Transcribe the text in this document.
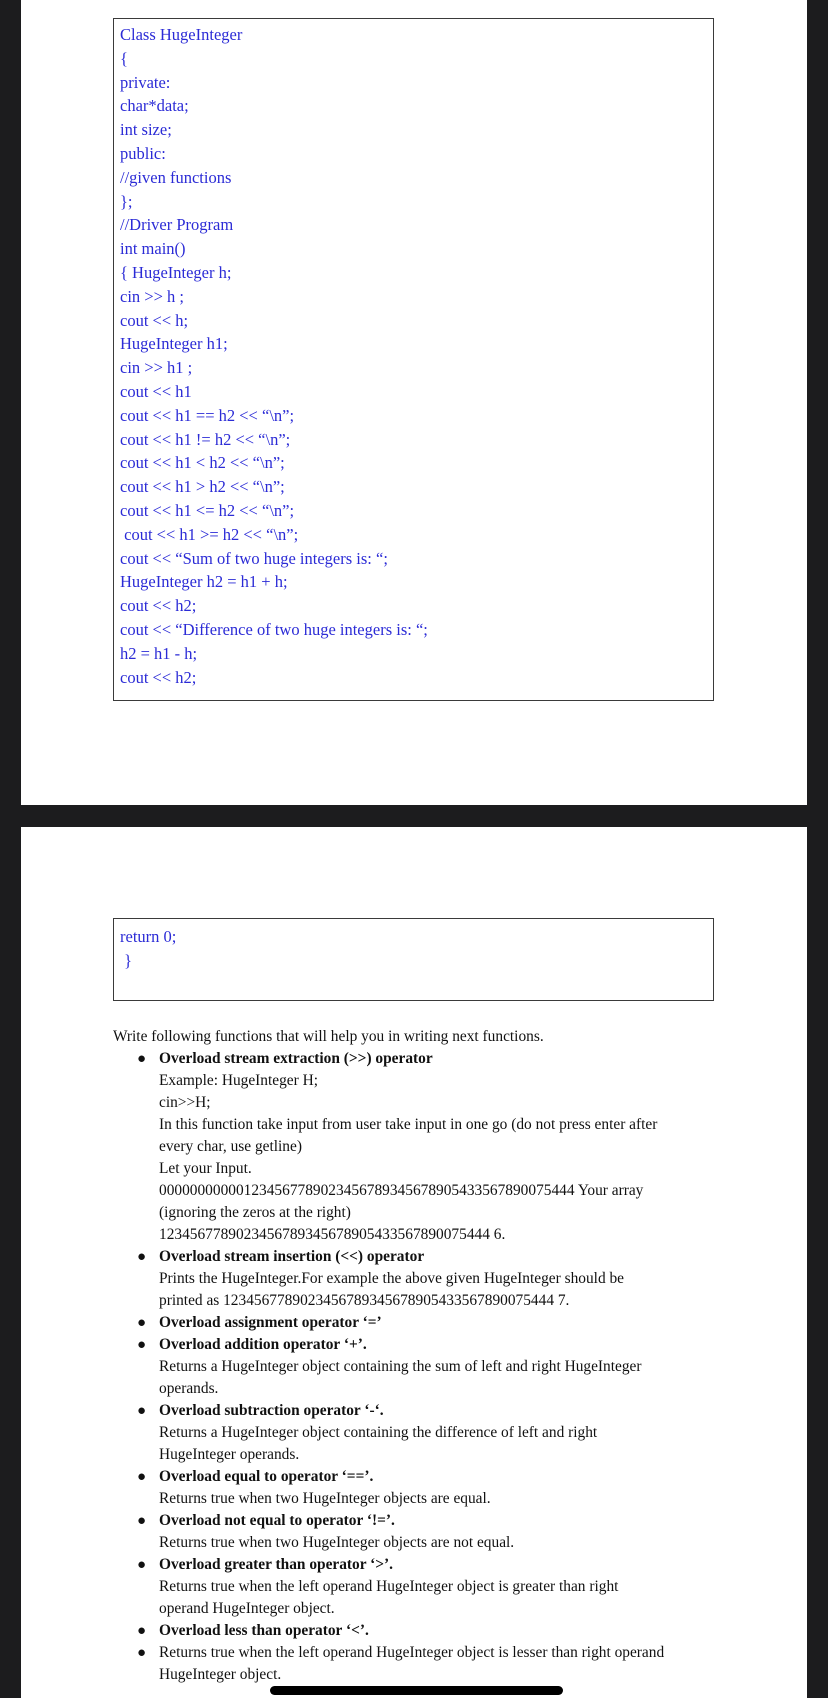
Class HugeInteger
{
private:
char*data;
int size;
public:
//given functions
};
//Driver Program
int main()
{ HugeInteger h;
cin >> h ;
cout << h;
HugeInteger h1;
cin >> h1 ;
cout << h1
cout << h1 == h2 << “\n”;
cout << h1 != h2 << “\n”;
cout << h1 < h2 << “\n”;
cout << h1 > h2 << “\n”;
cout << h1 <= h2 << “\n”;
cout << h1 >= h2 << “\n”;
cout << “Sum of two huge integers is: “;
HugeInteger h2 = h1 + h;
cout << h2;
cout << “Difference of two huge integers is: “;
h2 = h1 - h;
cout << h2;
return 0;
}

Write following functions that will help you in writing next functions.

● Overload stream extraction (>>) operator
Example: HugeInteger H;
cin>>H;
In this function take input from user take input in one go (do not press enter after
every char, use getline)
Let your Input.
00000000000123456778902345678934567890543356789007544​4 Your array
(ignoring the zeros at the right)
123456778902345678934567890543356789007544​4 6.
● Overload stream insertion (<<) operator
Prints the HugeInteger.For example the above given HugeInteger should be
printed as 123456778902345678934567890543356789007544​4 7.
● Overload assignment operator ‘=’
● Overload addition operator ‘+’.
Returns a HugeInteger object containing the sum of left and right HugeInteger
operands.
● Overload subtraction operator ‘-‘.
Returns a HugeInteger object containing the difference of left and right
HugeInteger operands.
● Overload equal to operator ‘==’.
Returns true when two HugeInteger objects are equal.
● Overload not equal to operator ‘!=’.
Returns true when two HugeInteger objects are not equal.
● Overload greater than operator ‘>’.
Returns true when the left operand HugeInteger object is greater than right
operand HugeInteger object.
● Overload less than operator ‘<’.
● Returns true when the left operand HugeInteger object is lesser than right operand
HugeInteger object.
